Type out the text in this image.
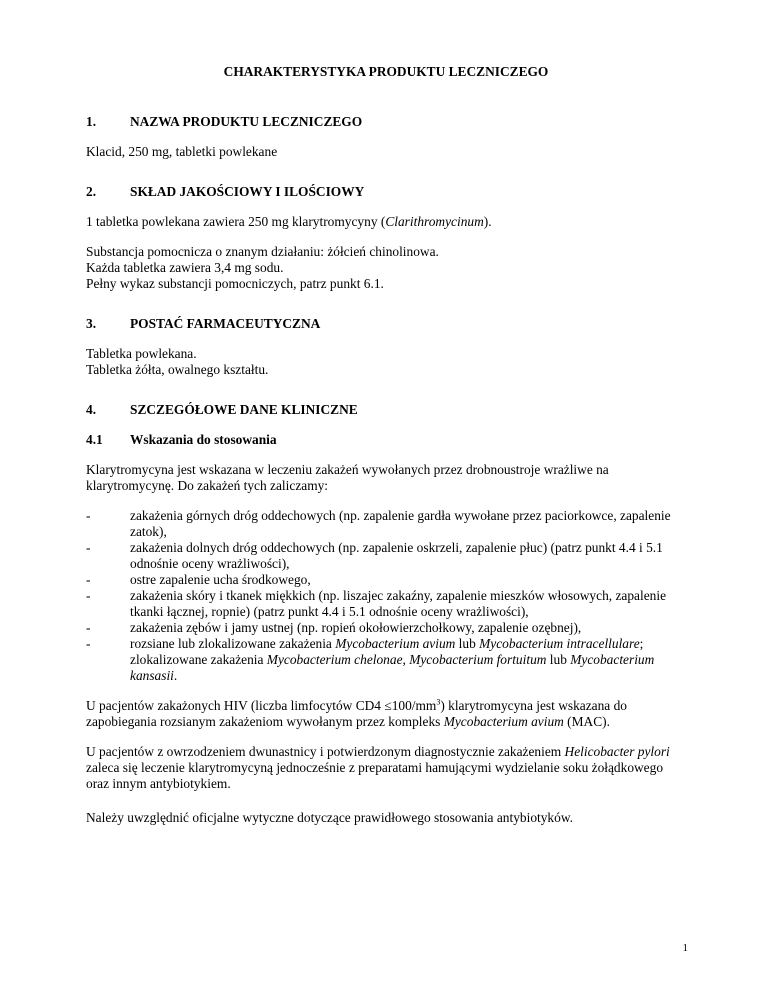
CHARAKTERYSTYKA PRODUKTU LECZNICZEGO

1.	NAZWA PRODUKTU LECZNICZEGO

Klacid, 250 mg, tabletki powlekane

2.	SKŁAD JAKOŚCIOWY I ILOŚCIOWY

1 tabletka powlekana zawiera 250 mg klarytromycyny (Clarithromycinum).

Substancja pomocnicza o znanym działaniu: żółcień chinolinowa.
Każda tabletka zawiera 3,4 mg sodu.
Pełny wykaz substancji pomocniczych, patrz punkt 6.1.

3.	POSTAĆ FARMACEUTYCZNA

Tabletka powlekana.
Tabletka żółta, owalnego kształtu.

4.	SZCZEGÓŁOWE DANE KLINICZNE

4.1	Wskazania do stosowania

Klarytromycyna jest wskazana w leczeniu zakażeń wywołanych przez drobnoustroje wrażliwe na klarytromycynę. Do zakażeń tych zaliczamy:

-	zakażenia górnych dróg oddechowych (np. zapalenie gardła wywołane przez paciorkowce, zapalenie zatok),
-	zakażenia dolnych dróg oddechowych (np. zapalenie oskrzeli, zapalenie płuc) (patrz punkt 4.4 i 5.1 odnośnie oceny wrażliwości),
-	ostre zapalenie ucha środkowego,
-	zakażenia skóry i tkanek miękkich (np. liszajec zakaźny, zapalenie mieszków włosowych, zapalenie tkanki łącznej, ropnie) (patrz punkt 4.4 i 5.1 odnośnie oceny wrażliwości),
-	zakażenia zębów i jamy ustnej (np. ropień okołowierzchołkowy, zapalenie ozębnej),
-	rozsiane lub zlokalizowane zakażenia Mycobacterium avium lub Mycobacterium intracellulare; zlokalizowane zakażenia Mycobacterium chelonae, Mycobacterium fortuitum lub Mycobacterium kansasii.

U pacjentów zakażonych HIV (liczba limfocytów $CD4 \le 100/mm^3$) klarytromycyna jest wskazana do zapobiegania rozsianym zakażeniom wywołanym przez kompleks Mycobacterium avium (MAC).

U pacjentów z owrzodzeniem dwunastnicy i potwierdzonym diagnostycznie zakażeniem Helicobacter pylori zaleca się leczenie klarytromycyną jednocześnie z preparatami hamującymi wydzielanie soku żołądkowego oraz innym antybiotykiem.

Należy uwzględnić oficjalne wytyczne dotyczące prawidłowego stosowania antybiotyków.

1
